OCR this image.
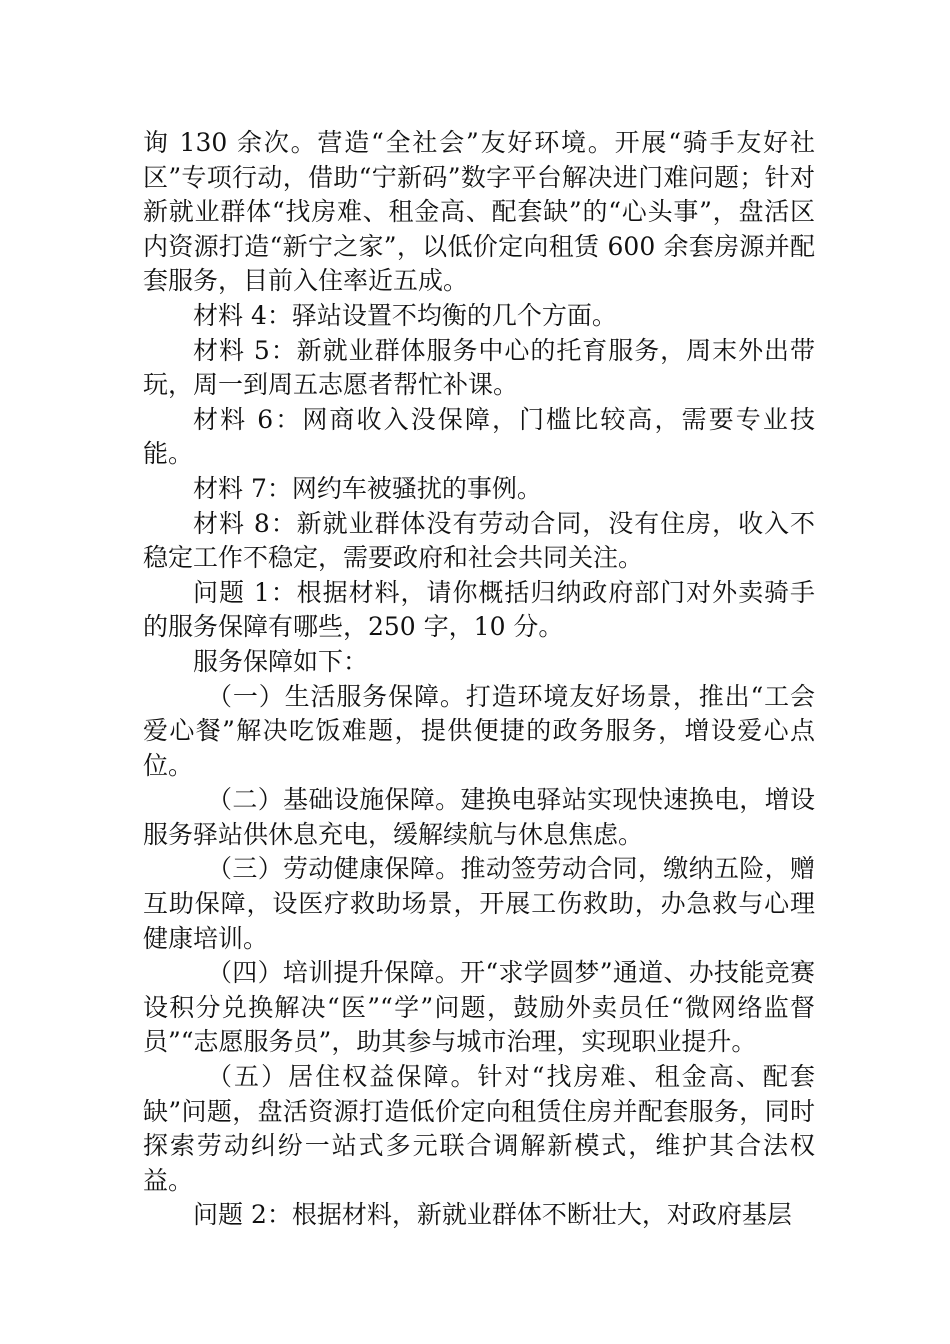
询 130 余次。营造“全社会”友好环境。开展“骑手友好社区”专项行动，借助“宁新码”数字平台解决进门难问题；针对新就业群体“找房难、租金高、配套缺”的“心头事”，盘活区内资源打造“新宁之家”，以低价定向租赁 600 余套房源并配套服务，目前入住率近五成。

材料 4：驿站设置不均衡的几个方面。

材料 5：新就业群体服务中心的托育服务，周末外出带玩，周一到周五志愿者帮忙补课。

材料 6：网商收入没保障，门槛比较高，需要专业技能。

材料 7：网约车被骚扰的事例。

材料 8：新就业群体没有劳动合同，没有住房，收入不稳定工作不稳定，需要政府和社会共同关注。

问题 1：根据材料，请你概括归纳政府部门对外卖骑手的服务保障有哪些，250 字，10 分。

服务保障如下：

（一）生活服务保障。打造环境友好场景，推出“工会爱心餐”解决吃饭难题，提供便捷的政务服务，增设爱心点位。

（二）基础设施保障。建换电驿站实现快速换电，增设服务驿站供休息充电，缓解续航与休息焦虑。

（三）劳动健康保障。推动签劳动合同，缴纳五险，赠互助保障，设医疗救助场景，开展工伤救助，办急救与心理健康培训。

（四）培训提升保障。开“求学圆梦”通道、办技能竞赛设积分兑换解决“医”“学”问题，鼓励外卖员任“微网络监督员”“志愿服务员”，助其参与城市治理，实现职业提升。

（五）居住权益保障。针对“找房难、租金高、配套缺”问题，盘活资源打造低价定向租赁住房并配套服务，同时探索劳动纠纷一站式多元联合调解新模式，维护其合法权益。

问题 2：根据材料，新就业群体不断壮大，对政府基层
